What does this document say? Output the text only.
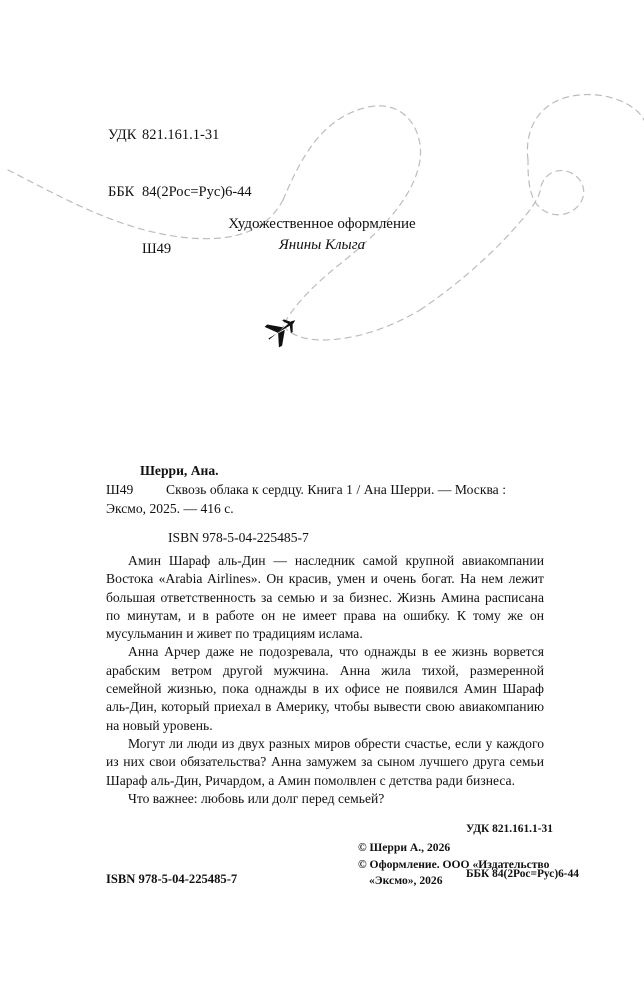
УДК 821.161.1-31

ББК 84(2Рос=Рус)6-44

Ш49

Художественное оформление
Янины Клыга
Шерри, Ана.
Ш49 Сквозь облака к сердцу. Книга 1 / Ана Шерри. — Москва : Эксмо, 2025. — 416 с.
ISBN 978-5-04-225485-7

Амин Шараф аль-Дин — наследник самой крупной авиакомпании Востока «Arabia Airlines». Он красив, умен и очень богат. На нем лежит большая ответственность за семью и за бизнес. Жизнь Амина расписана по минутам, и в работе он не имеет права на ошибку. К тому же он мусульманин и живет по традициям ислама.

Анна Арчер даже не подозревала, что однажды в ее жизнь ворвется арабским ветром другой мужчина. Анна жила тихой, размеренной семейной жизнью, пока однажды в их офисе не появился Амин Шараф аль-Дин, который приехал в Америку, чтобы вывести свою авиакомпанию на новый уровень.

Могут ли люди из двух разных миров обрести счастье, если у каждого из них свои обязательства? Анна замужем за сыном лучшего друга семьи Шараф аль-Дин, Ричардом, а Амин помолвлен с детства ради бизнеса.

Что важнее: любовь или долг перед семьей?

УДК 821.161.1-31

ББК 84(2Рос=Рус)6-44

© Шерри А., 2026
© Оформление. ООО «Издательство
«Эксмо», 2026
ISBN 978-5-04-225485-7
